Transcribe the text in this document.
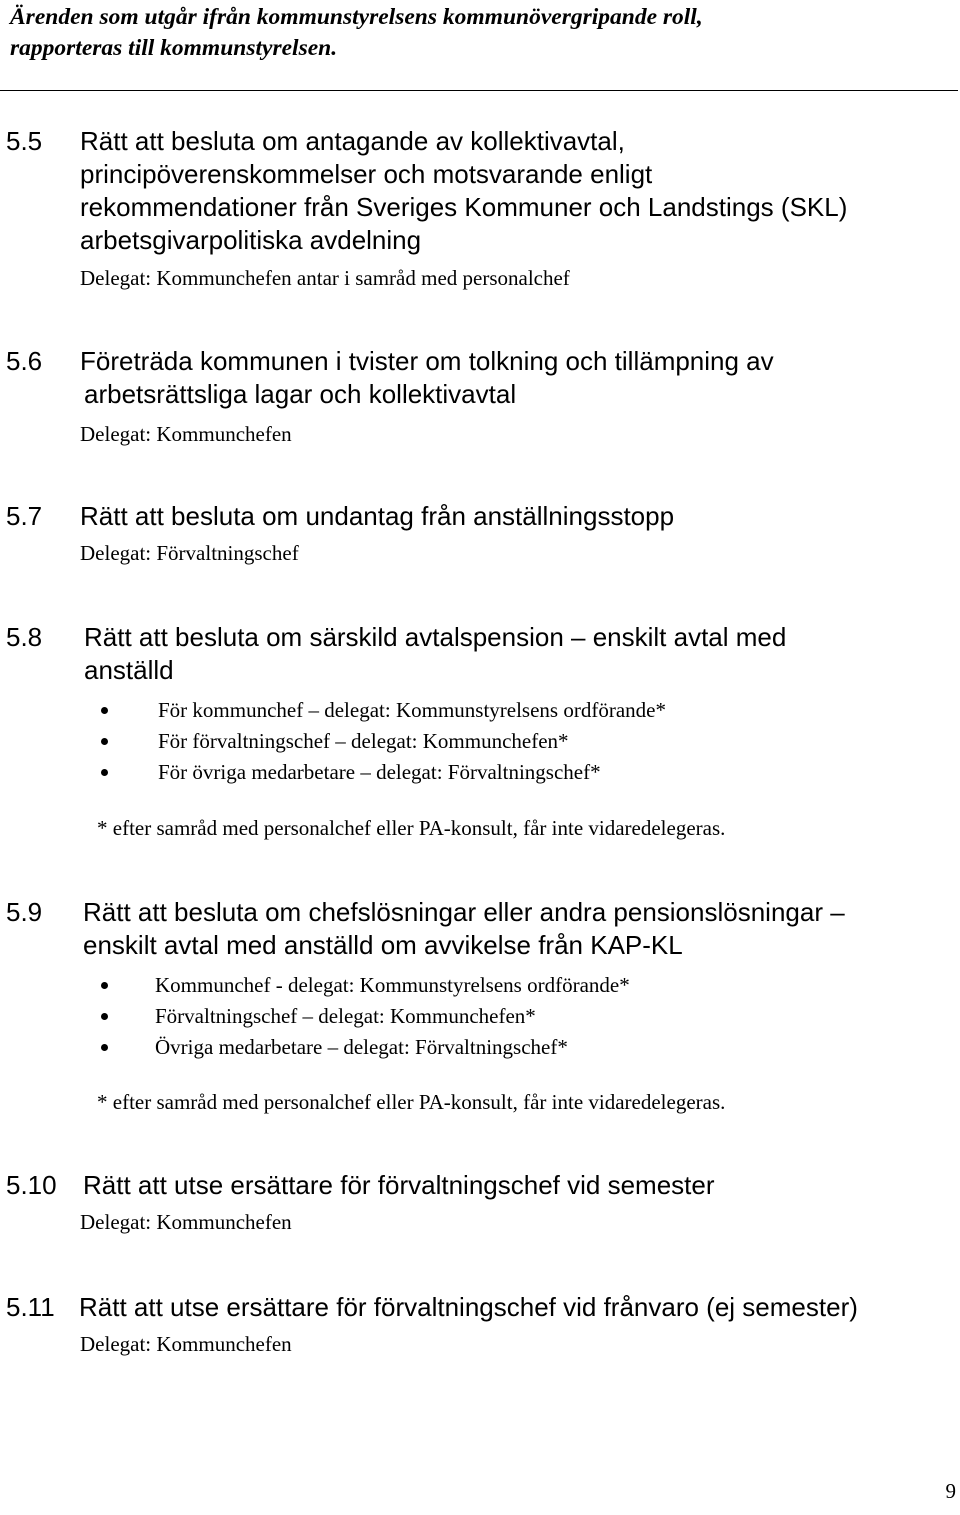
Ärenden som utgår ifrån kommunstyrelsens kommunövergripande roll,
rapporteras till kommunstyrelsen.
5.5 Rätt att besluta om antagande av kollektivavtal,
principöverenskommelser och motsvarande enligt
rekommendationer från Sveriges Kommuner och Landstings (SKL)
arbetsgivarpolitiska avdelning
Delegat: Kommunchefen antar i samråd med personalchef
5.6 Företräda kommunen i tvister om tolkning och tillämpning av
arbetsrättsliga lagar och kollektivavtal
Delegat: Kommunchefen
5.7 Rätt att besluta om undantag från anställningsstopp
Delegat: Förvaltningschef
5.8 Rätt att besluta om särskild avtalspension – enskilt avtal med
anställd
För kommunchef – delegat: Kommunstyrelsens ordförande*
För förvaltningschef – delegat: Kommunchefen*
För övriga medarbetare – delegat: Förvaltningschef*
* efter samråd med personalchef eller PA-konsult, får inte vidaredelegeras.
5.9 Rätt att besluta om chefslösningar eller andra pensionslösningar –
enskilt avtal med anställd om avvikelse från KAP-KL
Kommunchef - delegat: Kommunstyrelsens ordförande*
Förvaltningschef – delegat: Kommunchefen*
Övriga medarbetare – delegat: Förvaltningschef*
* efter samråd med personalchef eller PA-konsult, får inte vidaredelegeras.
5.10 Rätt att utse ersättare för förvaltningschef vid semester
Delegat: Kommunchefen
5.11 Rätt att utse ersättare för förvaltningschef vid frånvaro (ej semester)
Delegat: Kommunchefen
9
